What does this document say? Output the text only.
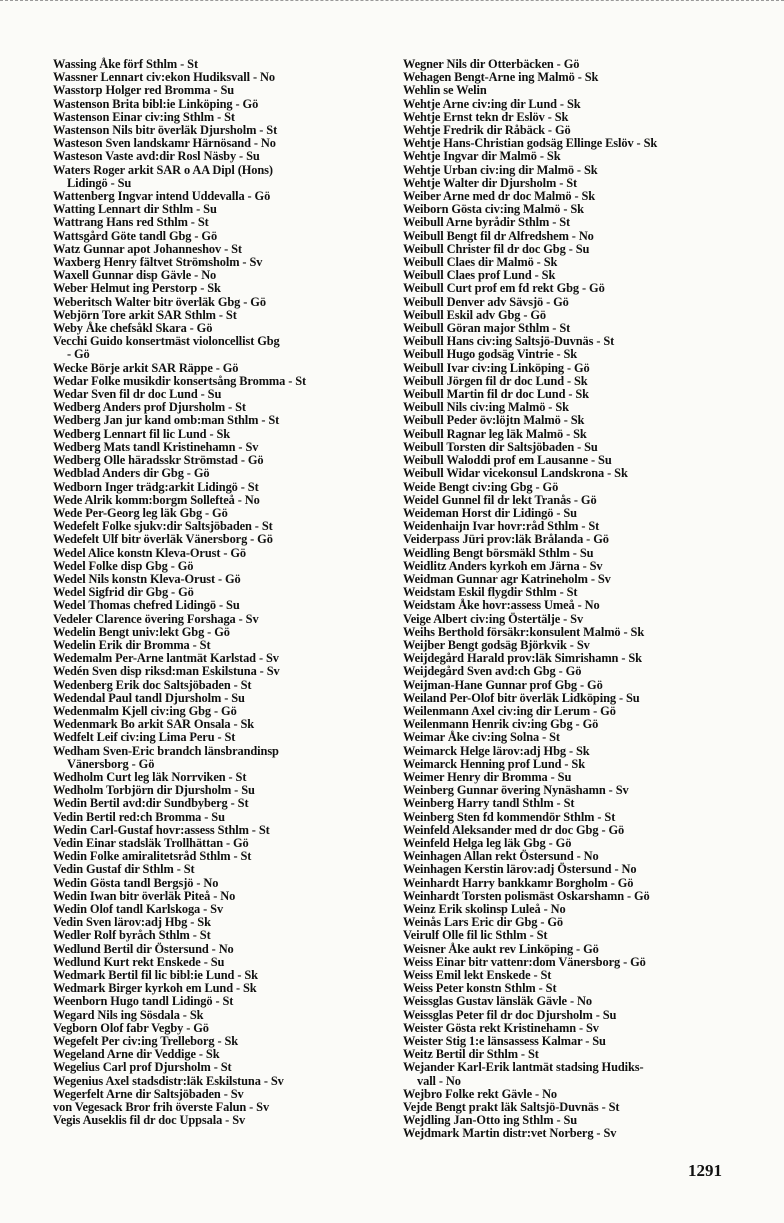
Wassing Åke förf Sthlm - St
Wassner Lennart civ:ekon Hudiksvall - No
Wasstorp Holger red Bromma - Su
Wastenson Brita bibl:ie Linköping - Gö
Wastenson Einar civ:ing Sthlm - St
Wastenson Nils bitr överläk Djursholm - St
Wasteson Sven landskamr Härnösand - No
Wasteson Vaste avd:dir Rosl Näsby - Su
Waters Roger arkit SAR o AA Dipl (Hons)
Lidingö - Su
Wattenberg Ingvar intend Uddevalla - Gö
Watting Lennart dir Sthlm - Su
Wattrang Hans red Sthlm - St
Wattsgård Göte tandl Gbg - Gö
Watz Gunnar apot Johanneshov - St
Waxberg Henry fältvet Strömsholm - Sv
Waxell Gunnar disp Gävle - No
Weber Helmut ing Perstorp - Sk
Weberitsch Walter bitr överläk Gbg - Gö
Webjörn Tore arkit SAR Sthlm - St
Weby Åke chefsåkl Skara - Gö
Vecchi Guido konsertmäst violoncellist Gbg
- Gö
Wecke Börje arkit SAR Räppe - Gö
Wedar Folke musikdir konsertsång Bromma - St
Wedar Sven fil dr doc Lund - Su
Wedberg Anders prof Djursholm - St
Wedberg Jan jur kand omb:man Sthlm - St
Wedberg Lennart fil lic Lund - Sk
Wedberg Mats tandl Kristinehamn - Sv
Wedberg Olle häradsskr Strömstad - Gö
Wedblad Anders dir Gbg - Gö
Wedborn Inger trädg:arkit Lidingö - St
Wede Alrik komm:borgm Sollefteå - No
Wede Per-Georg leg läk Gbg - Gö
Wedefelt Folke sjukv:dir Saltsjöbaden - St
Wedefelt Ulf bitr överläk Vänersborg - Gö
Wedel Alice konstn Kleva-Orust - Gö
Wedel Folke disp Gbg - Gö
Wedel Nils konstn Kleva-Orust - Gö
Wedel Sigfrid dir Gbg - Gö
Wedel Thomas chefred Lidingö - Su
Vedeler Clarence övering Forshaga - Sv
Wedelin Bengt univ:lekt Gbg - Gö
Wedelin Erik dir Bromma - St
Wedemalm Per-Arne lantmät Karlstad - Sv
Wedén Sven disp riksd:man Eskilstuna - Sv
Wedenberg Erik doc Saltsjöbaden - St
Wedendal Paul tandl Djursholm - Su
Wedenmalm Kjell civ:ing Gbg - Gö
Wedenmark Bo arkit SAR Onsala - Sk
Wedfelt Leif civ:ing Lima Peru - St
Wedham Sven-Eric brandch länsbrandinsp
Vänersborg - Gö
Wedholm Curt leg läk Norrviken - St
Wedholm Torbjörn dir Djursholm - Su
Wedin Bertil avd:dir Sundbyberg - St
Vedin Bertil red:ch Bromma - Su
Wedin Carl-Gustaf hovr:assess Sthlm - St
Vedin Einar stadsläk Trollhättan - Gö
Wedin Folke amiralitetsråd Sthlm - St
Vedin Gustaf dir Sthlm - St
Wedin Gösta tandl Bergsjö - No
Wedin Iwan bitr överläk Piteå - No
Wedin Olof tandl Karlskoga - Sv
Vedin Sven lärov:adj Hbg - Sk
Wedler Rolf byråch Sthlm - St
Wedlund Bertil dir Östersund - No
Wedlund Kurt rekt Enskede - Su
Wedmark Bertil fil lic bibl:ie Lund - Sk
Wedmark Birger kyrkoh em Lund - Sk
Weenborn Hugo tandl Lidingö - St
Wegard Nils ing Sösdala - Sk
Vegborn Olof fabr Vegby - Gö
Wegefelt Per civ:ing Trelleborg - Sk
Wegeland Arne dir Veddige - Sk
Wegelius Carl prof Djursholm - St
Wegenius Axel stadsdistr:läk Eskilstuna - Sv
Wegerfelt Arne dir Saltsjöbaden - Sv
von Vegesack Bror frih överste Falun - Sv
Vegis Auseklis fil dr doc Uppsala - Sv
Wegner Nils dir Otterbäcken - Gö
Wehagen Bengt-Arne ing Malmö - Sk
Wehlin se Welin
Wehtje Arne civ:ing dir Lund - Sk
Wehtje Ernst tekn dr Eslöv - Sk
Wehtje Fredrik dir Råbäck - Gö
Wehtje Hans-Christian godsäg Ellinge Eslöv - Sk
Wehtje Ingvar dir Malmö - Sk
Wehtje Urban civ:ing dir Malmö - Sk
Wehtje Walter dir Djursholm - St
Weiber Arne med dr doc Malmö - Sk
Weiborn Gösta civ:ing Malmö - Sk
Weibull Arne byrådir Sthlm - St
Weibull Bengt fil dr Alfredshem - No
Weibull Christer fil dr doc Gbg - Su
Weibull Claes dir Malmö - Sk
Weibull Claes prof Lund - Sk
Weibull Curt prof em fd rekt Gbg - Gö
Weibull Denver adv Sävsjö - Gö
Weibull Eskil adv Gbg - Gö
Weibull Göran major Sthlm - St
Weibull Hans civ:ing Saltsjö-Duvnäs - St
Weibull Hugo godsäg Vintrie - Sk
Weibull Ivar civ:ing Linköping - Gö
Weibull Jörgen fil dr doc Lund - Sk
Weibull Martin fil dr doc Lund - Sk
Weibull Nils civ:ing Malmö - Sk
Weibull Peder öv:löjtn Malmö - Sk
Weibull Ragnar leg läk Malmö - Sk
Weibull Torsten dir Saltsjöbaden - Su
Weibull Waloddi prof em Lausanne - Su
Weibull Widar vicekonsul Landskrona - Sk
Weide Bengt civ:ing Gbg - Gö
Weidel Gunnel fil dr lekt Tranås - Gö
Weideman Horst dir Lidingö - Su
Weidenhaijn Ivar hovr:råd Sthlm - St
Veiderpass Jüri prov:läk Brålanda - Gö
Weidling Bengt börsmäkl Sthlm - Su
Weidlitz Anders kyrkoh em Järna - Sv
Weidman Gunnar agr Katrineholm - Sv
Weidstam Eskil flygdir Sthlm - St
Weidstam Åke hovr:assess Umeå - No
Veige Albert civ:ing Östertälje - Sv
Weihs Berthold försäkr:konsulent Malmö - Sk
Weijber Bengt godsäg Björkvik - Sv
Weijdegård Harald prov:läk Simrishamn - Sk
Weijdegård Sven avd:ch Gbg - Gö
Weijman-Hane Gunnar prof Gbg - Gö
Weiland Per-Olof bitr överläk Lidköping - Su
Weilenmann Axel civ:ing dir Lerum - Gö
Weilenmann Henrik civ:ing Gbg - Gö
Weimar Åke civ:ing Solna - St
Weimarck Helge lärov:adj Hbg - Sk
Weimarck Henning prof Lund - Sk
Weimer Henry dir Bromma - Su
Weinberg Gunnar övering Nynäshamn - Sv
Weinberg Harry tandl Sthlm - St
Weinberg Sten fd kommendör Sthlm - St
Weinfeld Aleksander med dr doc Gbg - Gö
Weinfeld Helga leg läk Gbg - Gö
Weinhagen Allan rekt Östersund - No
Weinhagen Kerstin lärov:adj Östersund - No
Weinhardt Harry bankkamr Borgholm - Gö
Weinhardt Torsten polismäst Oskarshamn - Gö
Weinz Erik skolinsp Luleå - No
Weinås Lars Eric dir Gbg - Gö
Veirulf Olle fil lic Sthlm - St
Weisner Åke aukt rev Linköping - Gö
Weiss Einar bitr vattenr:dom Vänersborg - Gö
Weiss Emil lekt Enskede - St
Weiss Peter konstn Sthlm - St
Weissglas Gustav länsläk Gävle - No
Weissglas Peter fil dr doc Djursholm - Su
Weister Gösta rekt Kristinehamn - Sv
Weister Stig 1:e länsassess Kalmar - Su
Weitz Bertil dir Sthlm - St
Wejander Karl-Erik lantmät stadsing Hudiks-
vall - No
Wejbro Folke rekt Gävle - No
Vejde Bengt prakt läk Saltsjö-Duvnäs - St
Wejdling Jan-Otto ing Sthlm - Su
Wejdmark Martin distr:vet Norberg - Sv
1291
